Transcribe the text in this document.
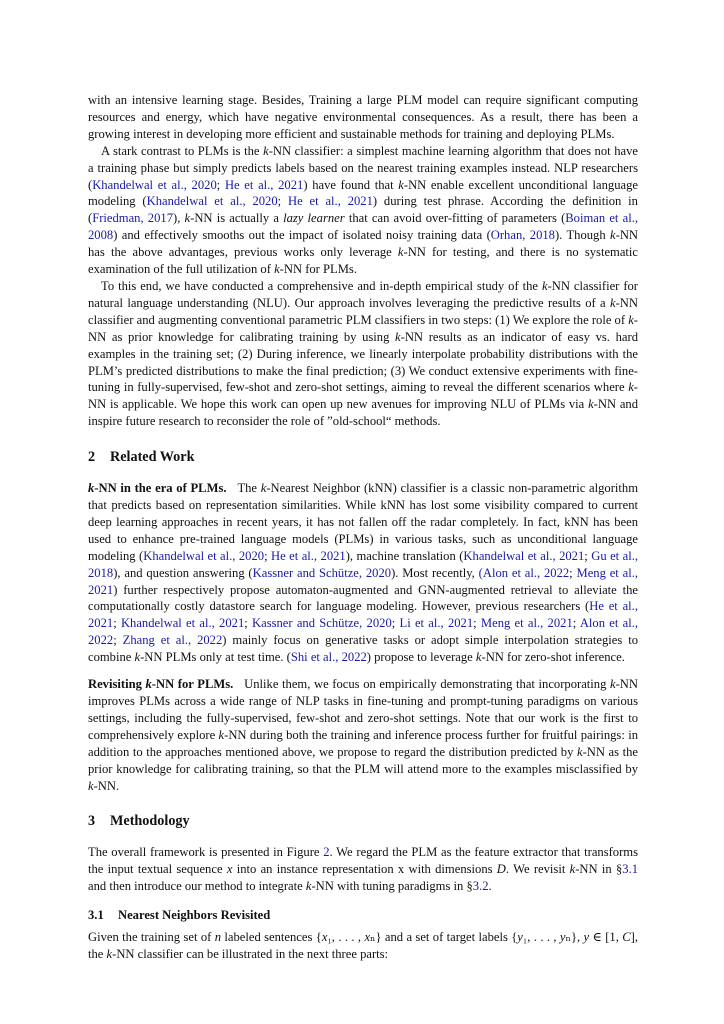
with an intensive learning stage. Besides, Training a large PLM model can require significant computing resources and energy, which have negative environmental consequences. As a result, there has been a growing interest in developing more efficient and sustainable methods for training and deploying PLMs.

A stark contrast to PLMs is the k-NN classifier: a simplest machine learning algorithm that does not have a training phase but simply predicts labels based on the nearest training examples instead. NLP researchers (Khandelwal et al., 2020; He et al., 2021) have found that k-NN enable excellent unconditional language modeling (Khandelwal et al., 2020; He et al., 2021) during test phrase. According the definition in (Friedman, 2017), k-NN is actually a lazy learner that can avoid over-fitting of parameters (Boiman et al., 2008) and effectively smooths out the impact of isolated noisy training data (Orhan, 2018). Though k-NN has the above advantages, previous works only leverage k-NN for testing, and there is no systematic examination of the full utilization of k-NN for PLMs.

To this end, we have conducted a comprehensive and in-depth empirical study of the k-NN classifier for natural language understanding (NLU). Our approach involves leveraging the predictive results of a k-NN classifier and augmenting conventional parametric PLM classifiers in two steps: (1) We explore the role of k-NN as prior knowledge for calibrating training by using k-NN results as an indicator of easy vs. hard examples in the training set; (2) During inference, we linearly interpolate probability distributions with the PLM’s predicted distributions to make the final prediction; (3) We conduct extensive experiments with fine-tuning in fully-supervised, few-shot and zero-shot settings, aiming to reveal the different scenarios where k-NN is applicable. We hope this work can open up new avenues for improving NLU of PLMs via k-NN and inspire future research to reconsider the role of ”old-school“ methods.

2 Related Work

k-NN in the era of PLMs. The k-Nearest Neighbor (kNN) classifier is a classic non-parametric algorithm that predicts based on representation similarities. While kNN has lost some visibility compared to current deep learning approaches in recent years, it has not fallen off the radar completely. In fact, kNN has been used to enhance pre-trained language models (PLMs) in various tasks, such as unconditional language modeling (Khandelwal et al., 2020; He et al., 2021), machine translation (Khandelwal et al., 2021; Gu et al., 2018), and question answering (Kassner and Schütze, 2020). Most recently, (Alon et al., 2022; Meng et al., 2021) further respectively propose automaton-augmented and GNN-augmented retrieval to alleviate the computationally costly datastore search for language modeling. However, previous researchers (He et al., 2021; Khandelwal et al., 2021; Kassner and Schütze, 2020; Li et al., 2021; Meng et al., 2021; Alon et al., 2022; Zhang et al., 2022) mainly focus on generative tasks or adopt simple interpolation strategies to combine k-NN PLMs only at test time. (Shi et al., 2022) propose to leverage k-NN for zero-shot inference.

Revisiting k-NN for PLMs. Unlike them, we focus on empirically demonstrating that incorporating k-NN improves PLMs across a wide range of NLP tasks in fine-tuning and prompt-tuning paradigms on various settings, including the fully-supervised, few-shot and zero-shot settings. Note that our work is the first to comprehensively explore k-NN during both the training and inference process further for fruitful pairings: in addition to the approaches mentioned above, we propose to regard the distribution predicted by k-NN as the prior knowledge for calibrating training, so that the PLM will attend more to the examples misclassified by k-NN.

3 Methodology

The overall framework is presented in Figure 2. We regard the PLM as the feature extractor that transforms the input textual sequence x into an instance representation x with dimensions D. We revisit k-NN in §3.1 and then introduce our method to integrate k-NN with tuning paradigms in §3.2.

3.1 Nearest Neighbors Revisited

Given the training set of n labeled sentences {x₁, . . . , xₙ} and a set of target labels {y₁, . . . , yₙ}, y ∈ [1, C], the k-NN classifier can be illustrated in the next three parts:
